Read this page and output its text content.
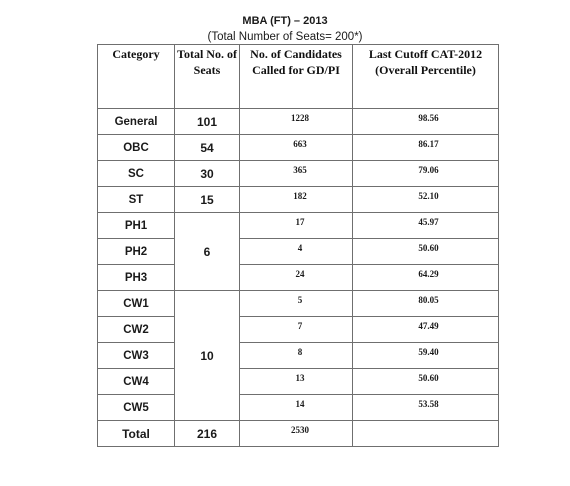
MBA (FT) – 2013
(Total Number of Seats= 200*)
Category	Total No. of Seats	No. of Candidates Called for GD/PI	Last Cutoff CAT-2012 (Overall Percentile)
General	101	1228	98.56
OBC	54	663	86.17
SC	30	365	79.06
ST	15	182	52.10
PH1	6	17	45.97
PH2		4	50.60
PH3		24	64.29
CW1	10	5	80.05
CW2		7	47.49
CW3		8	59.40
CW4		13	50.60
CW5		14	53.58
Total	216	2530	
